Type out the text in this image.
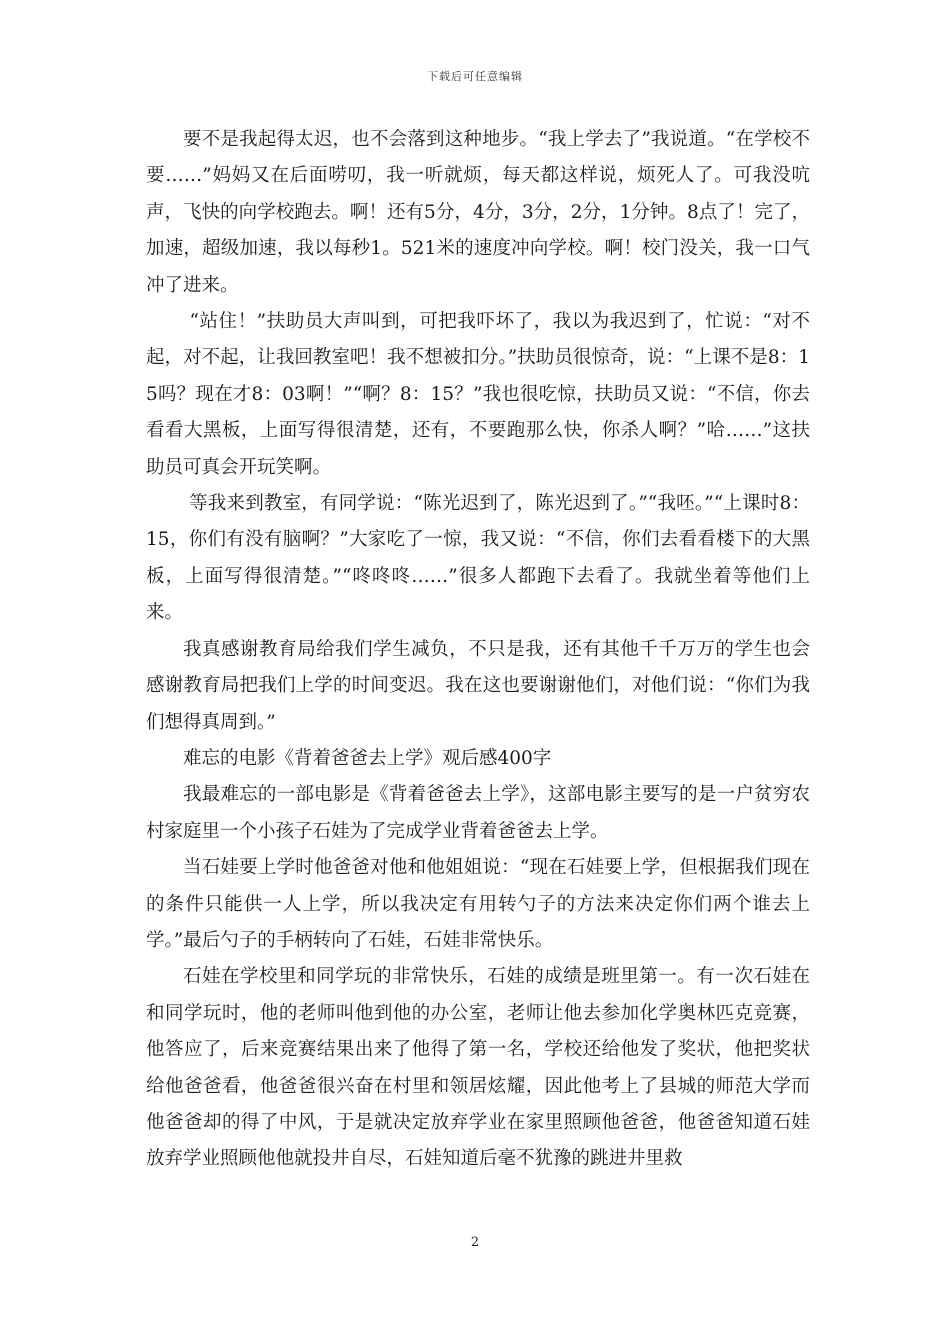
下载后可任意编辑

要不是我起得太迟，也不会落到这种地步。“我上学去了”我说道。“在学校不要……”妈妈又在后面唠叨，我一听就烦，每天都这样说，烦死人了。可我没吭声，飞快的向学校跑去。啊！还有5分，4分，3分，2分，1分钟。8点了！完了，加速，超级加速，我以每秒1。521米的速度冲向学校。啊！校门没关，我一口气冲了进来。

“站住！”扶助员大声叫到，可把我吓坏了，我以为我迟到了，忙说：“对不起，对不起，让我回教室吧！我不想被扣分。”扶助员很惊奇，说：“上课不是8：15吗？现在才8：03啊！”“啊？8：15？”我也很吃惊，扶助员又说：“不信，你去看看大黑板，上面写得很清楚，还有，不要跑那么快，你杀人啊？”哈……”这扶助员可真会开玩笑啊。

等我来到教室，有同学说：“陈光迟到了，陈光迟到了。”“我呸。”“上课时8：15，你们有没有脑啊？”大家吃了一惊，我又说：“不信，你们去看看楼下的大黑板，上面写得很清楚。”“咚咚咚……”很多人都跑下去看了。我就坐着等他们上来。

我真感谢教育局给我们学生减负，不只是我，还有其他千千万万的学生也会感谢教育局把我们上学的时间变迟。我在这也要谢谢他们，对他们说：“你们为我们想得真周到。”

难忘的电影《背着爸爸去上学》观后感400字

我最难忘的一部电影是《背着爸爸去上学》，这部电影主要写的是一户贫穷农村家庭里一个小孩子石娃为了完成学业背着爸爸去上学。

当石娃要上学时他爸爸对他和他姐姐说：“现在石娃要上学，但根据我们现在的条件只能供一人上学，所以我决定有用转勺子的方法来决定你们两个谁去上学。”最后勺子的手柄转向了石娃，石娃非常快乐。

石娃在学校里和同学玩的非常快乐，石娃的成绩是班里第一。有一次石娃在和同学玩时，他的老师叫他到他的办公室，老师让他去参加化学奥林匹克竞赛，他答应了，后来竞赛结果出来了他得了第一名，学校还给他发了奖状，他把奖状给他爸爸看，他爸爸很兴奋在村里和领居炫耀，因此他考上了县城的师范大学而他爸爸却的得了中风，于是就决定放弃学业在家里照顾他爸爸，他爸爸知道石娃放弃学业照顾他他就投井自尽，石娃知道后毫不犹豫的跳进井里救

2
